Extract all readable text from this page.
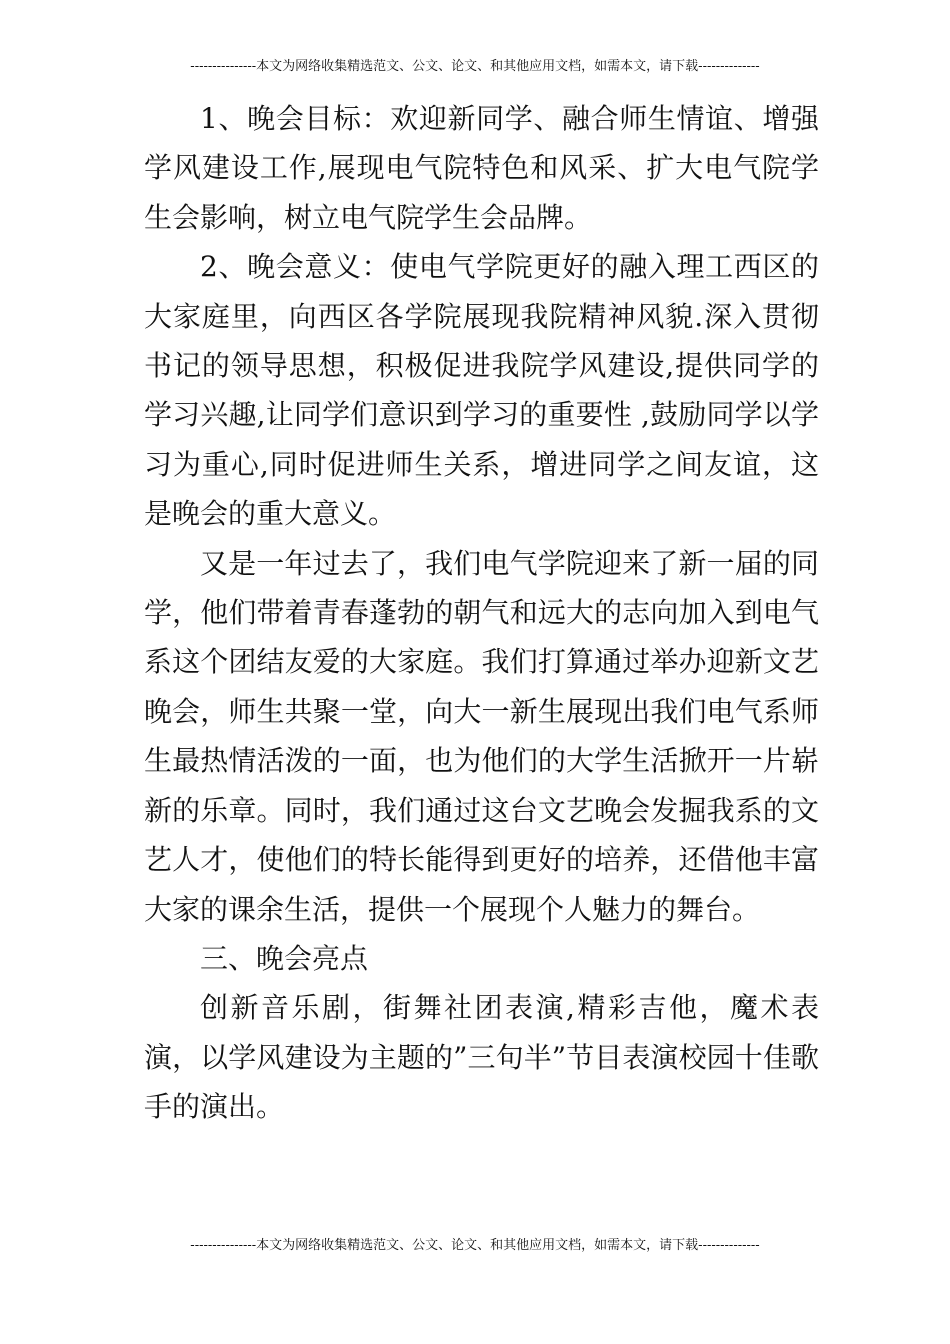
---------------本文为网络收集精选范文、公文、论文、和其他应用文档，如需本文，请下载--------------

1、晚会目标：欢迎新同学、融合师生情谊、增强学风建设工作,展现电气院特色和风采、扩大电气院学生会影响，树立电气院学生会品牌。

2、晚会意义：使电气学院更好的融入理工西区的大家庭里，向西区各学院展现我院精神风貌.深入贯彻书记的领导思想，积极促进我院学风建设,提供同学的学习兴趣,让同学们意识到学习的重要性 ,鼓励同学以学习为重心,同时促进师生关系，增进同学之间友谊，这是晚会的重大意义。

又是一年过去了，我们电气学院迎来了新一届的同学，他们带着青春蓬勃的朝气和远大的志向加入到电气系这个团结友爱的大家庭。我们打算通过举办迎新文艺晚会，师生共聚一堂，向大一新生展现出我们电气系师生最热情活泼的一面，也为他们的大学生活掀开一片崭新的乐章。同时，我们通过这台文艺晚会发掘我系的文艺人才，使他们的特长能得到更好的培养，还借他丰富大家的课余生活，提供一个展现个人魅力的舞台。

三、晚会亮点

创新音乐剧，街舞社团表演,精彩吉他，魔术表演，以学风建设为主题的”三句半”节目表演校园十佳歌手的演出。

---------------本文为网络收集精选范文、公文、论文、和其他应用文档，如需本文，请下载--------------
